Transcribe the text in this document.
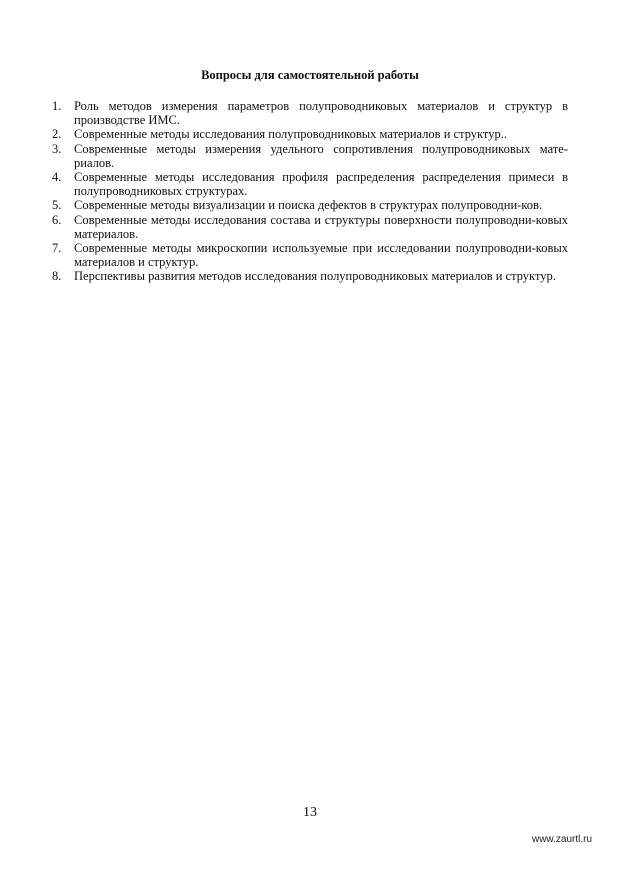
Вопросы для самостоятельной работы
1.	Роль методов измерения параметров полупроводниковых материалов и структур в производстве ИМС.
2.	Современные методы исследования полупроводниковых материалов и структур..
3.	Современные методы измерения удельного сопротивления полупроводниковых мате-риалов.
4.	Современные методы исследования профиля распределения распределения примеси в полупроводниковых структурах.
5.	Современные методы визуализации и поиска дефектов в структурах полупроводни-ков.
6.	Современные методы исследования состава и структуры поверхности полупроводни-ковых материалов.
7.	Современные методы микроскопии используемые при исследовании полупроводни-ковых материалов и структур.
8.	Перспективы развития методов исследования полупроводниковых материалов и структур.
13
www.zaurtl.ru
